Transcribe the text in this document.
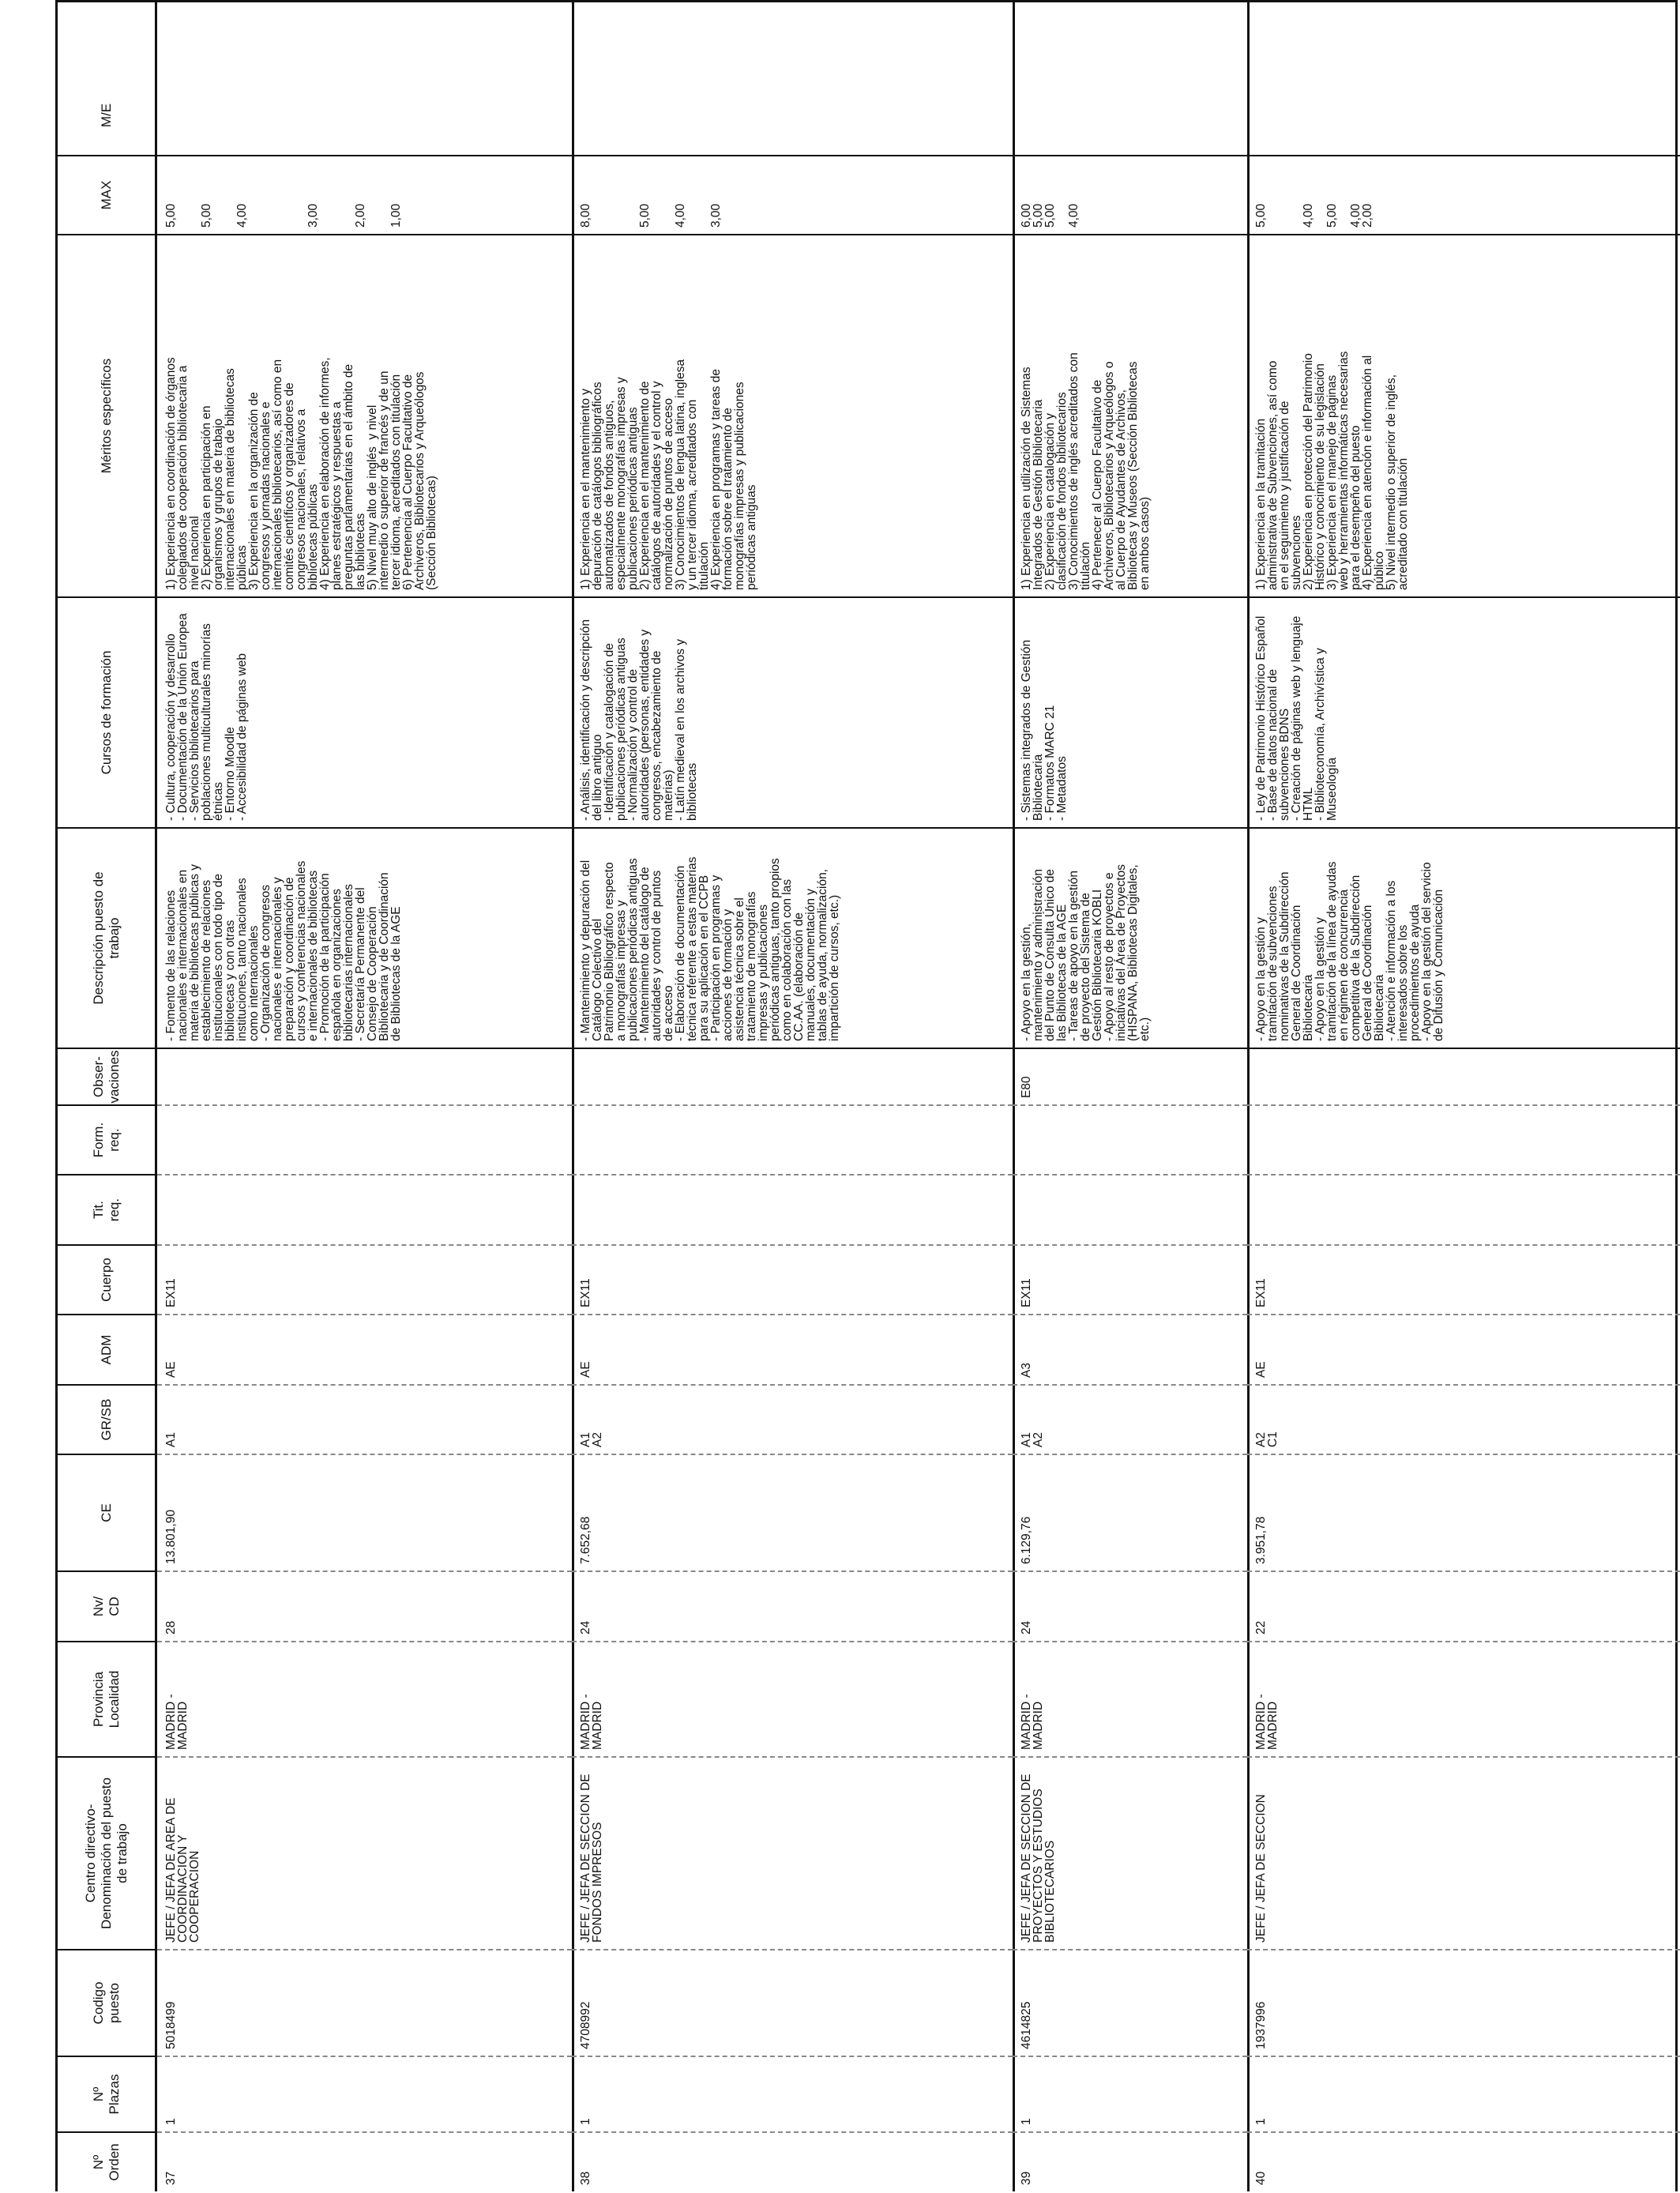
Nº
Orden
Nº
Plazas
Codigo
puesto
Centro directivo-
Denominación del puesto
de trabajo
Provincia
Localidad
Nv/
CD
CE
GR/SB
ADM
Cuerpo
Tit.
req.
Form.
req.
Obser-
vaciones
Descripción puesto de
trabajo
Cursos de formación
Méritos específicos
MAX
M/E
37
1
5018499
JEFE / JEFA DE AREA DE
COORDINACION Y
COOPERACION
MADRID -
MADRID
28
13.801,90
A1
AE
EX11
- Fomento de las relaciones
nacionales e internacionales en
materia de bibliotecas públicas y
establecimiento de relaciones
institucionales con todo tipo de
bibliotecas y con otras
instituciones, tanto nacionales
como internacionales
- Organización de congresos
nacionales e internacionales y
preparación y coordinación de
cursos y conferencias nacionales
e internacionales de bibliotecas
- Promoción de la participación
española en organizaciones
bibliotecarias internacionales
- Secretaría Permanente del
Consejo de Cooperación
Bibliotecaria y de Coordinación
de Bibliotecas de la AGE
- Cultura, cooperación y desarrollo
- Documentación de la Unión Europea
- Servicios bibliotecarios para
poblaciones multiculturales minorías
étnicas
- Entorno Moodle
- Accesibilidad de páginas web
1) Experiencia en coordinación de órganos
colegiados de cooperación bibliotecaria a
nivel nacional
2) Experiencia en participación en
organismos y grupos de trabajo
internacionales en materia de bibliotecas
públicas
3) Experiencia en la organización de
congresos y jornadas nacionales e
internacionales bibliotecarios, así como en
comités científicos y organizadores de
congresos nacionales, relativos a
bibliotecas públicas
4) Experiencia en elaboración de informes,
planes estratégicos y respuestas a
preguntas parlamentarias en el ámbito de
las bibliotecas
5) Nivel muy alto de inglés  y nivel
intermedio o superior de francés y de un
tercer idioma, acreditados con titulación
6) Pertenencia al Cuerpo Facultativo de
Archiveros, Bibliotecarios y Arqueólogos
(Sección Bibliotecas)
5,00

5,00

4,00

3,00

2,00

1,00
38
1
4708992
JEFE / JEFA DE SECCION DE
FONDOS IMPRESOS
MADRID -
MADRID
24
7.652,68
A1
A2
AE
EX11
- Mantenimiento y depuración del
Catálogo Colectivo del
Patrimonio Bibliográfico respecto
a monografías impresas y
publicaciones periódicas antiguas
- Mantenimiento del catálogo de
autoridades y control de puntos
de acceso
- Elaboración de documentación
técnica referente a estas materias
para su aplicación en el CCPB
- Participación en programas y
acciones de formación y
asistencia técnica sobre el
tratamiento de monografías
impresas y publicaciones
periódicas antiguas, tanto propios
como en colaboración con las
CC.AA. (elaboración de
manuales, documentación y
tablas de ayuda, normalización,
impartición de cursos, etc.)
- Análisis, identificación y descripción
del libro antiguo
- Identificación y catalogación de
publicaciones periódicas antiguas
- Normalización y control de
autoridades (personas, entidades y
congresos, encabezamiento de
materias)
- Latín medieval en los archivos y
bibliotecas
1) Experiencia en el mantenimiento y
depuración de catálogos bibliográficos
automatizados de fondos antiguos,
especialmente monografías impresas y
publicaciones periódicas antiguas
2) Experiencia en el mantenimiento de
catálogos de autoridades y el control y
normalización de puntos de acceso
3) Conocimientos de lengua latina, inglesa
y un tercer idioma, acreditados con
titulación
4) Experiencia en programas y tareas de
formación sobre el tratamiento de
monografías impresas y publicaciones
periódicas antiguas
8,00

5,00

4,00

3,00
39
1
4614825
JEFE / JEFA DE SECCION DE
PROYECTOS Y ESTUDIOS
BIBLIOTECARIOS
MADRID -
MADRID
24
6.129,76
A1
A2
A3
EX11
E80
- Apoyo en la gestión,
mantenimiento y administración
del Punto de Consulta Único de
las Bibliotecas de la AGE
- Tareas de apoyo en la gestión
de proyecto del Sistema de
Gestión Bibliotecaria KOBLI
- Apoyo al resto de proyectos e
iniciativas del Área de Proyectos
(HISPANA, Bibliotecas Digitales,
etc.)
- Sistemas integrados de Gestión
Bibliotecaria
- Formatos MARC 21
- Metadatos
1) Experiencia en utilización de Sistemas
Integrados de Gestión Bibliotecaria
2) Experiencia en catalogación y
clasificación de fondos bibliotecarios
3) Conocimientos de inglés acreditados con
titulación
4) Pertenecer al Cuerpo Facultativo de
Archiveros, Bibliotecarios y Arqueólogos o
al Cuerpo de Ayudantes de Archivos,
Bibliotecas y Museos (Sección Bibliotecas
en ambos casos)
6,00
5,00
5,00

4,00
40
1
1937996
JEFE / JEFA DE SECCION
MADRID -
MADRID
22
3.951,78
A2
C1
AE
EX11
- Apoyo en la gestión y
tramitación de subvenciones
nominativas de la Subdirección
General de Coordinación
Bibliotecaria
- Apoyo en la gestión y
tramitación de la línea de ayudas
en régimen de concurrencia
competitiva de la Subdirección
General de Coordinación
Bibliotecaria
- Atención e información a los
interesados sobre los
procedimientos de ayuda
- Apoyo en la gestión del servicio
de Difusión y Comunicación
- Ley de Patrimonio Histórico Español
- Base de datos nacional de
subvenciones BDNS
- Creación de páginas web y lenguaje
HTML
- Biblioteconomía, Archivística y
Museología
1) Experiencia en la tramitación
administrativa de Subvenciones, así como
en el seguimiento y justificación de
subvenciones
2) Experiencia en protección del Patrimonio
Histórico y conocimiento de su legislación
3) Experiencia en el manejo de páginas
web y herramientas informáticas necesarias
para el desempeño del puesto
4) Experiencia en atención e información al
público
5) Nivel intermedio o superior de inglés,
acreditado con titulación
5,00

4,00

5,00

4,00
2,00
